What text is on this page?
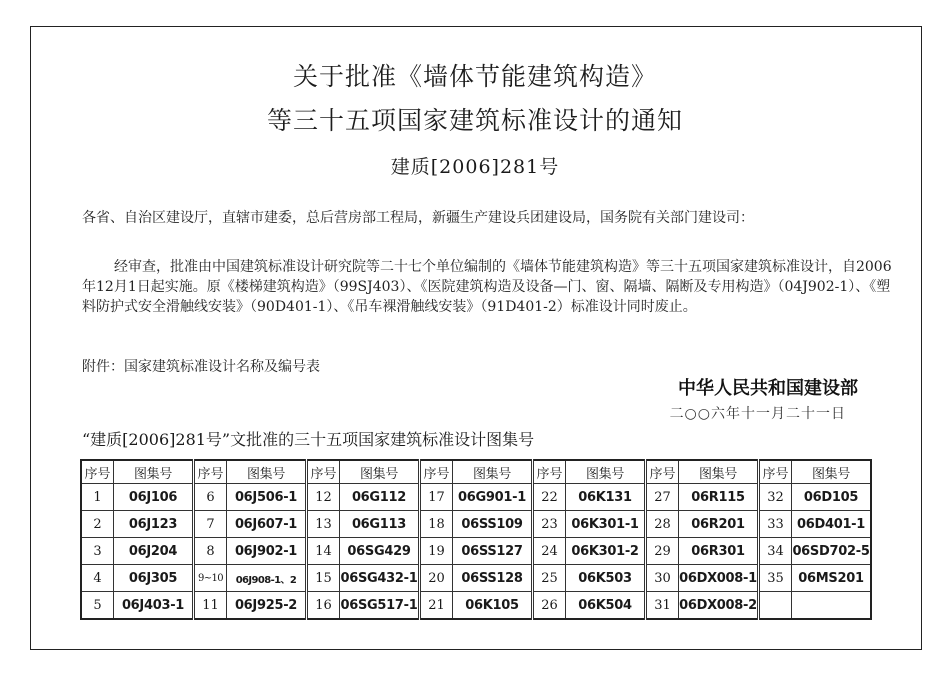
关于批准《墙体节能建筑构造》
等三十五项国家建筑标准设计的通知
建质[2006]281号
各省、自治区建设厅，直辖市建委，总后营房部工程局，新疆生产建设兵团建设局，国务院有关部门建设司：
经审查，批准由中国建筑标准设计研究院等二十七个单位编制的《墙体节能建筑构造》等三十五项国家建筑标准设计，自2006年12月1日起实施。原《楼梯建筑构造》（99SJ403）、《医院建筑构造及设备—门、窗、隔墙、隔断及专用构造》（04J902-1）、《塑料防护式安全滑触线安装》（90D401-1）、《吊车裸滑触线安装》（91D401-2）标准设计同时废止。
附件：国家建筑标准设计名称及编号表
中华人民共和国建设部
二○○六年十一月二十一日
“建质[2006]281号”文批准的三十五项国家建筑标准设计图集号
序号	图集号	序号	图集号	序号	图集号	序号	图集号	序号	图集号	序号	图集号	序号	图集号
1	06J106	6	06J506-1	12	06G112	17	06G901-1	22	06K131	27	06R115	32	06D105
2	06J123	7	06J607-1	13	06G113	18	06SS109	23	06K301-1	28	06R201	33	06D401-1
3	06J204	8	06J902-1	14	06SG429	19	06SS127	24	06K301-2	29	06R301	34	06SD702-5
4	06J305	9~10	06J908-1、2	15	06SG432-1	20	06SS128	25	06K503	30	06DX008-1	35	06MS201
5	06J403-1	11	06J925-2	16	06SG517-1	21	06K105	26	06K504	31	06DX008-2		
